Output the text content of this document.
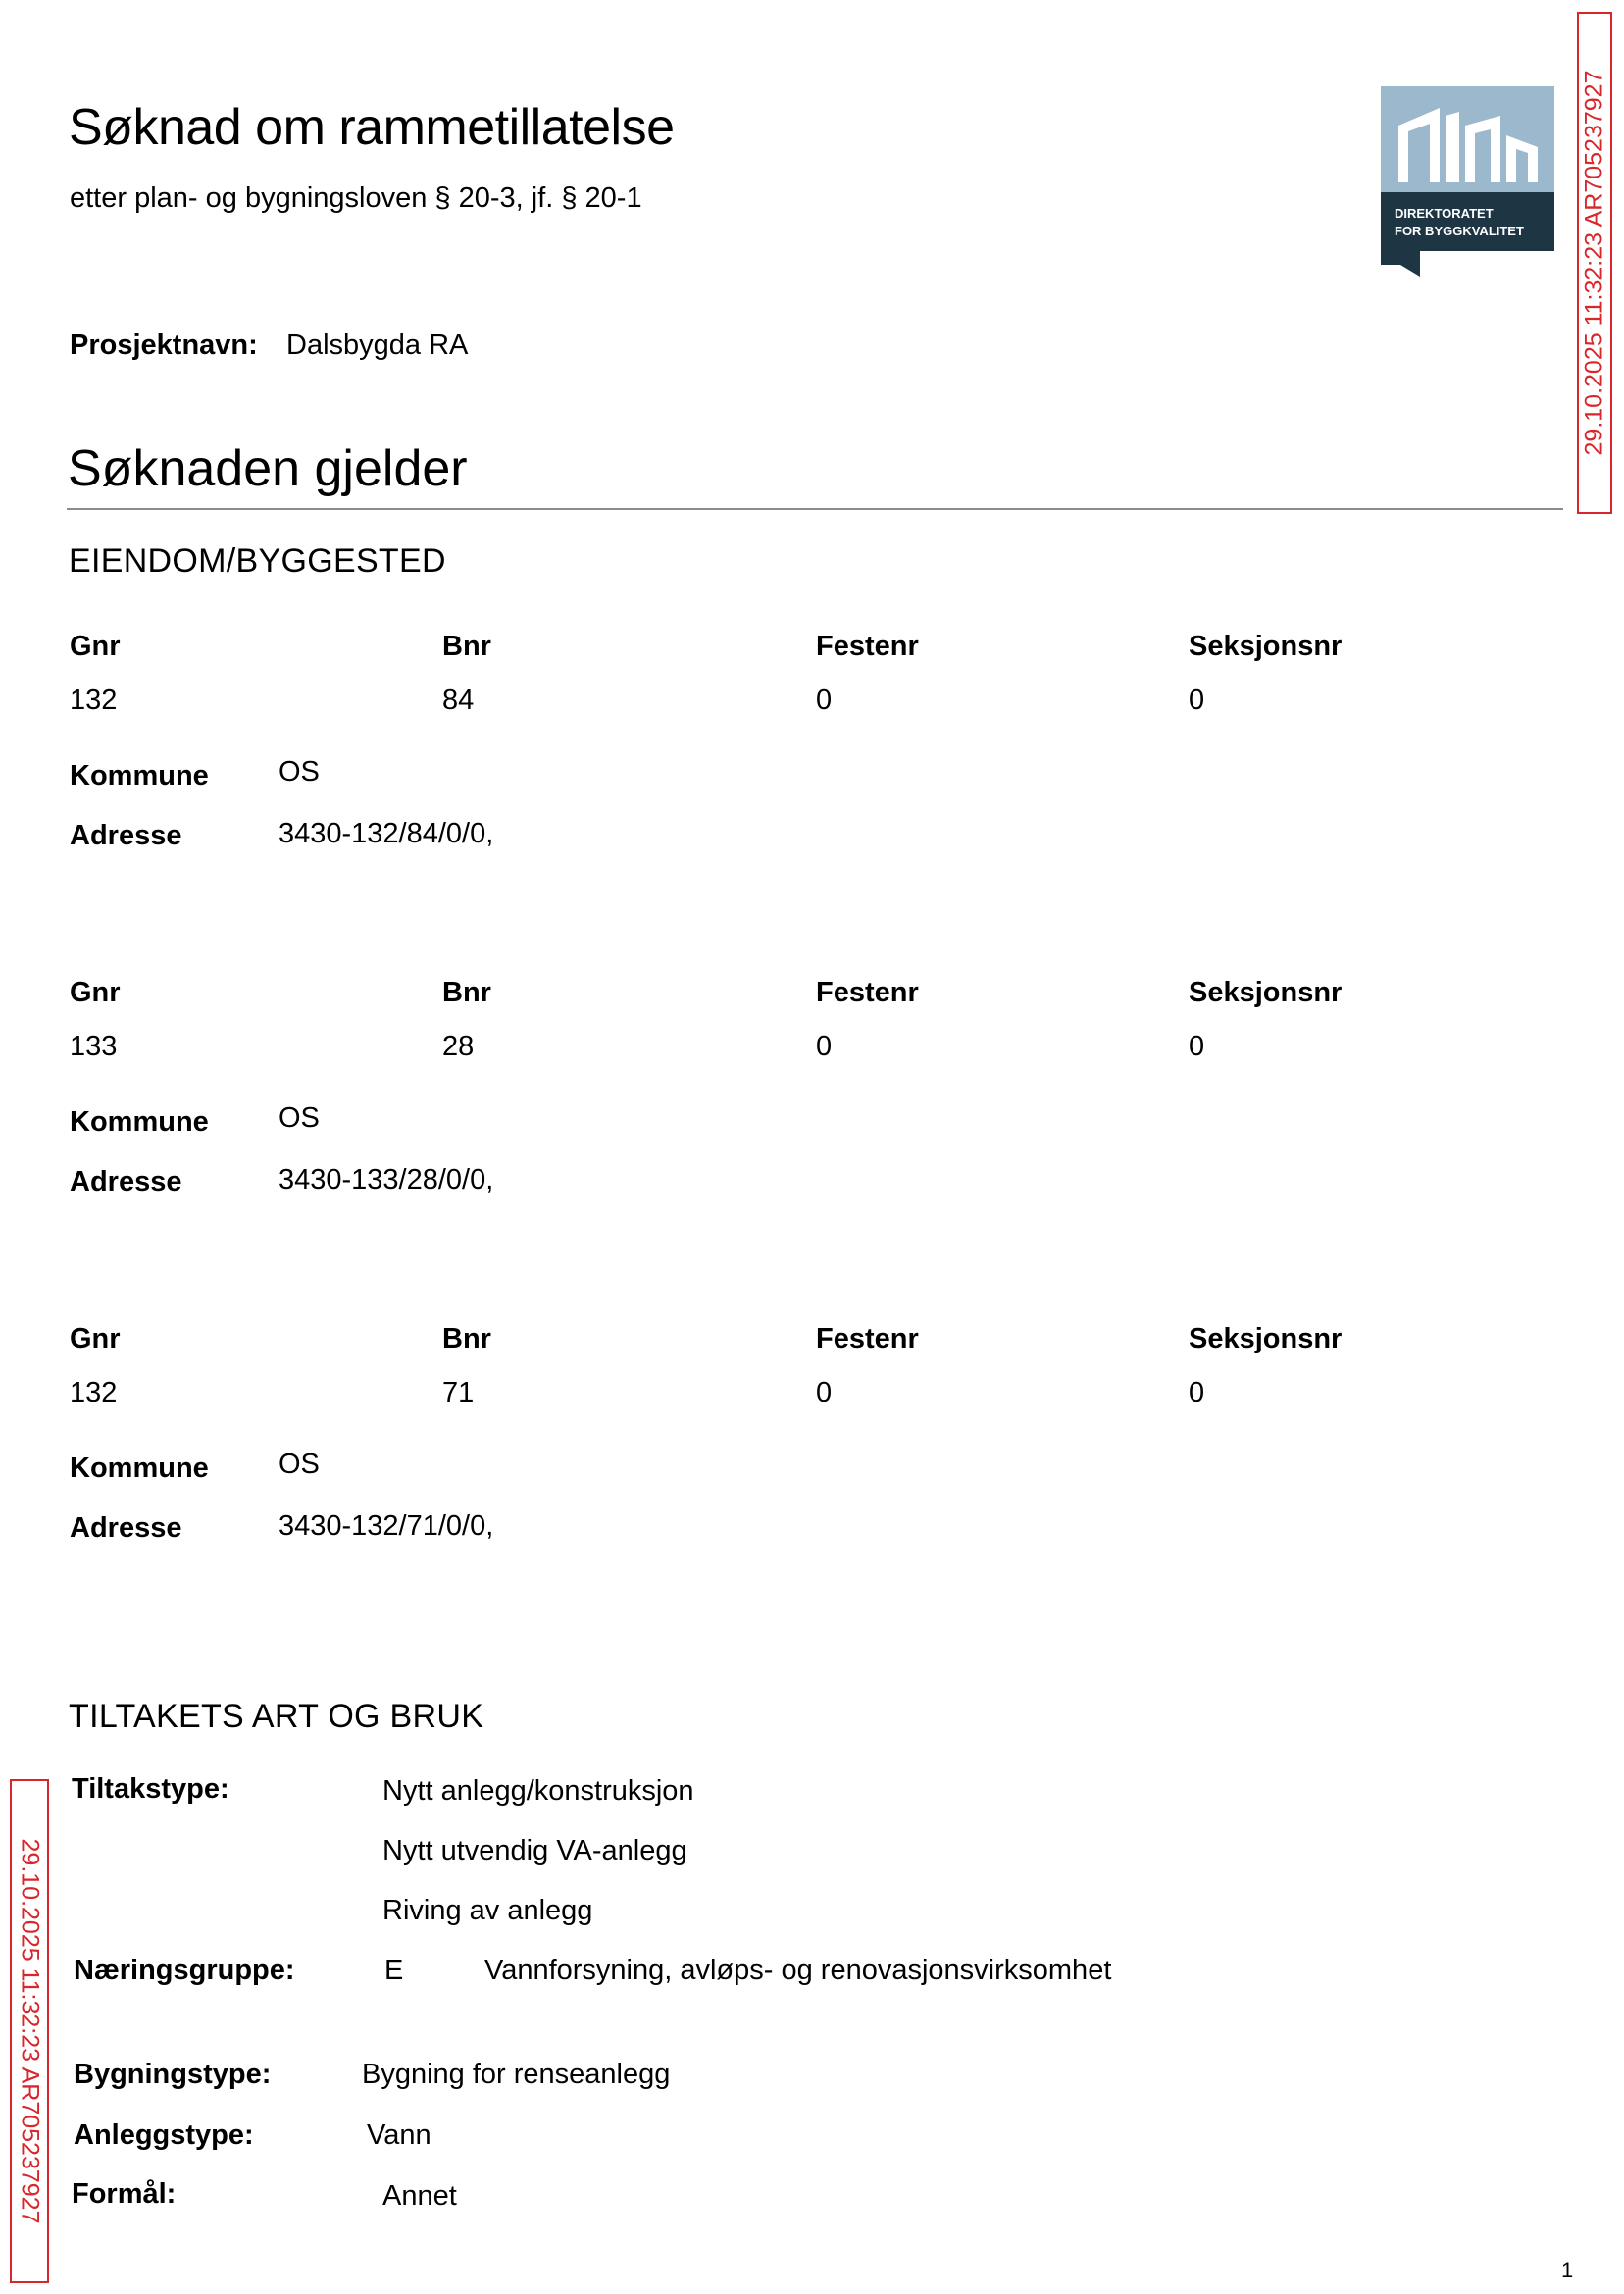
Søknad om rammetillatelse
etter plan- og bygningsloven § 20-3, jf. § 20-1	DIREKTORATET
FOR BYGGKVALITET 29.10.2025 11:32:23 AR705237927
Prosjektnavn: Dalsbygda RA
Søknaden gjelder
EIENDOM/BYGGESTED
Gnr	Bnr	Festenr	Seksjonsnr
132	84	0	0
Kommune OS
Adresse	3430-132/84/0/0,
Gnr	Bnr	Festenr	Seksjonsnr
133	28	0	0
Kommune OS
Adresse	3430-133/28/0/0,
Gnr	Bnr	Festenr	Seksjonsnr
132	71	0	0
Kommune OS
Adresse	3430-132/71/0/0,
TILTAKETS ART OG BRUK
29.10.2025 11:32:23 AR705237927
Tiltakstype:	Nytt anlegg/konstruksjon
Nytt utvendig VA-anlegg
Riving av anlegg
Næringsgruppe:	E	Vannforsyning, avløps- og renovasjonsvirksomhet
Bygningstype:	Bygning for renseanlegg
Anleggstype:	Vann
Formål:	Annet
1
